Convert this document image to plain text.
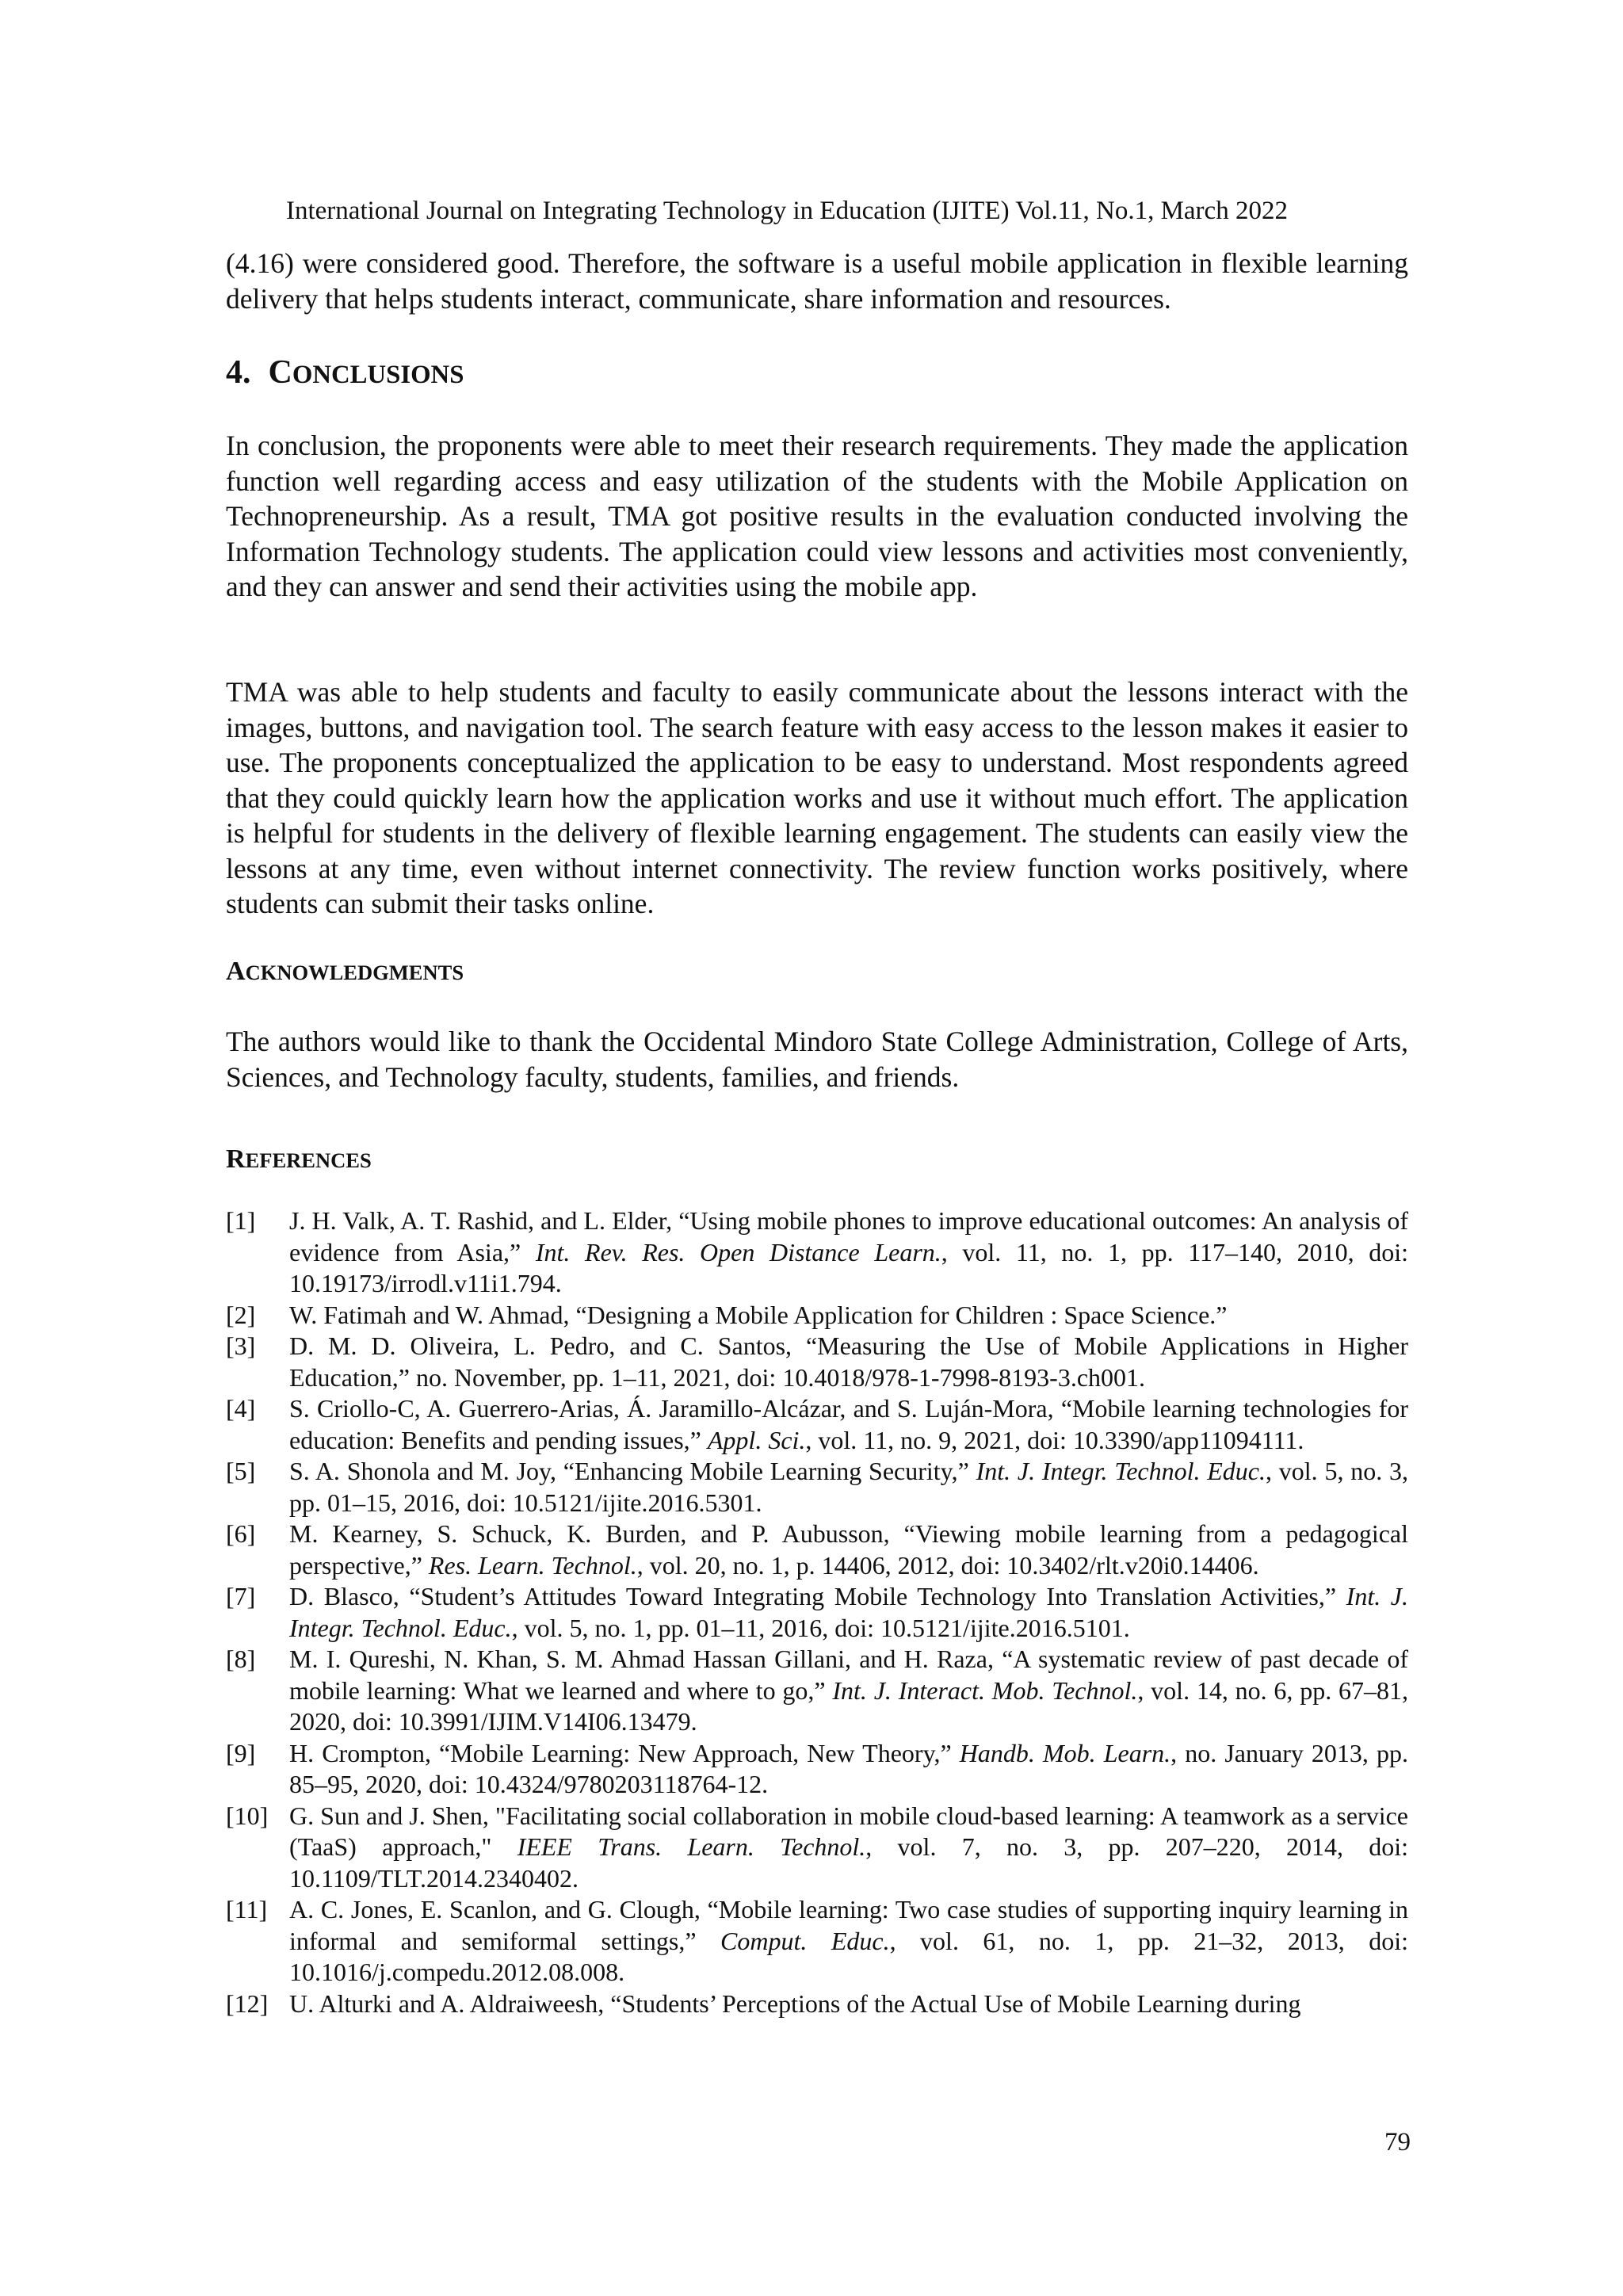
International Journal on Integrating Technology in Education (IJITE) Vol.11, No.1, March 2022

(4.16) were considered good. Therefore, the software is a useful mobile application in flexible learning delivery that helps students interact, communicate, share information and resources.

4. CONCLUSIONS

In conclusion, the proponents were able to meet their research requirements. They made the application function well regarding access and easy utilization of the students with the Mobile Application on Technopreneurship. As a result, TMA got positive results in the evaluation conducted involving the Information Technology students. The application could view lessons and activities most conveniently, and they can answer and send their activities using the mobile app.

TMA was able to help students and faculty to easily communicate about the lessons interact with the images, buttons, and navigation tool. The search feature with easy access to the lesson makes it easier to use. The proponents conceptualized the application to be easy to understand. Most respondents agreed that they could quickly learn how the application works and use it without much effort. The application is helpful for students in the delivery of flexible learning engagement. The students can easily view the lessons at any time, even without internet connectivity. The review function works positively, where students can submit their tasks online.

ACKNOWLEDGMENTS

The authors would like to thank the Occidental Mindoro State College Administration, College of Arts, Sciences, and Technology faculty, students, families, and friends.

REFERENCES
[1] J. H. Valk, A. T. Rashid, and L. Elder, “Using mobile phones to improve educational outcomes: An analysis of evidence from Asia,” Int. Rev. Res. Open Distance Learn., vol. 11, no. 1, pp. 117–140, 2010, doi: 10.19173/irrodl.v11i1.794.
[2] W. Fatimah and W. Ahmad, “Designing a Mobile Application for Children : Space Science.”
[3] D. M. D. Oliveira, L. Pedro, and C. Santos, “Measuring the Use of Mobile Applications in Higher Education,” no. November, pp. 1–11, 2021, doi: 10.4018/978-1-7998-8193-3.ch001.
[4] S. Criollo-C, A. Guerrero-Arias, Á. Jaramillo-Alcázar, and S. Luján-Mora, “Mobile learning technologies for education: Benefits and pending issues,” Appl. Sci., vol. 11, no. 9, 2021, doi: 10.3390/app11094111.
[5] S. A. Shonola and M. Joy, “Enhancing Mobile Learning Security,” Int. J. Integr. Technol. Educ., vol. 5, no. 3, pp. 01–15, 2016, doi: 10.5121/ijite.2016.5301.
[6] M. Kearney, S. Schuck, K. Burden, and P. Aubusson, “Viewing mobile learning from a pedagogical perspective,” Res. Learn. Technol., vol. 20, no. 1, p. 14406, 2012, doi: 10.3402/rlt.v20i0.14406.
[7] D. Blasco, “Student’s Attitudes Toward Integrating Mobile Technology Into Translation Activities,” Int. J. Integr. Technol. Educ., vol. 5, no. 1, pp. 01–11, 2016, doi: 10.5121/ijite.2016.5101.
[8] M. I. Qureshi, N. Khan, S. M. Ahmad Hassan Gillani, and H. Raza, “A systematic review of past decade of mobile learning: What we learned and where to go,” Int. J. Interact. Mob. Technol., vol. 14, no. 6, pp. 67–81, 2020, doi: 10.3991/IJIM.V14I06.13479.
[9] H. Crompton, “Mobile Learning: New Approach, New Theory,” Handb. Mob. Learn., no. January 2013, pp. 85–95, 2020, doi: 10.4324/9780203118764-12.
[10] G. Sun and J. Shen, "Facilitating social collaboration in mobile cloud-based learning: A teamwork as a service (TaaS) approach," IEEE Trans. Learn. Technol., vol. 7, no. 3, pp. 207–220, 2014, doi: 10.1109/TLT.2014.2340402.
[11] A. C. Jones, E. Scanlon, and G. Clough, “Mobile learning: Two case studies of supporting inquiry learning in informal and semiformal settings,” Comput. Educ., vol. 61, no. 1, pp. 21–32, 2013, doi: 10.1016/j.compedu.2012.08.008.
[12] U. Alturki and A. Aldraiweesh, “Students’ Perceptions of the Actual Use of Mobile Learning during
79
